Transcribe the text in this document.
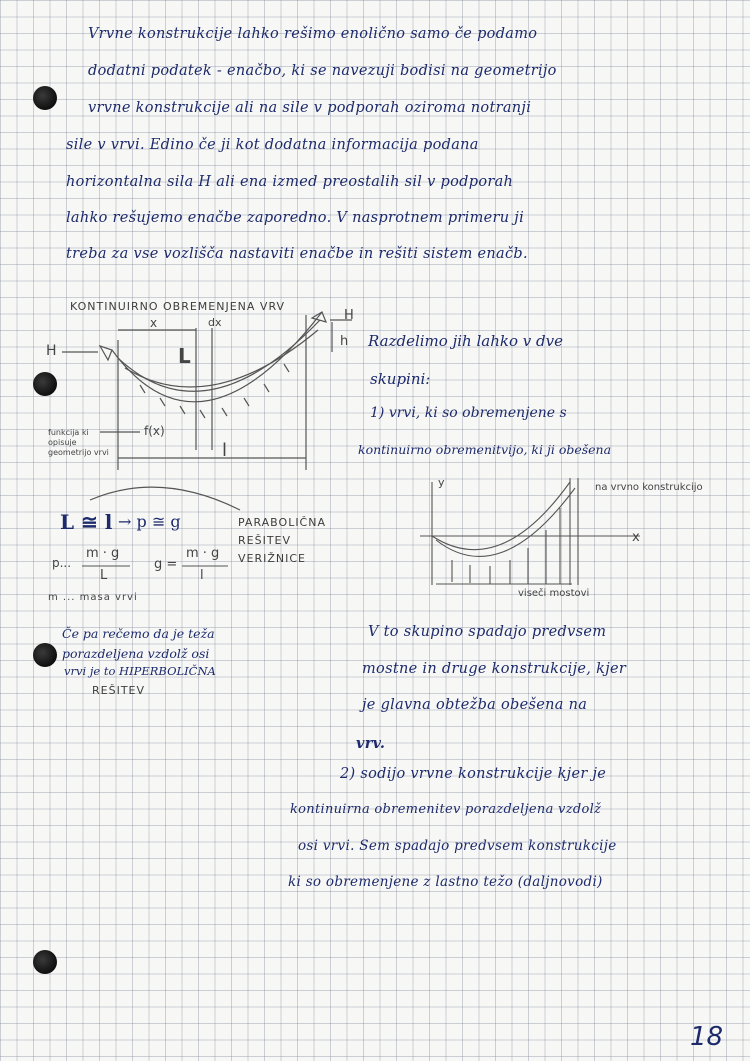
Vrvne konstrukcije lahko rešimo enolično samo če podamo
dodatni podatek - enačbo, ki se navezuji bodisi na geometrijo
vrvne konstrukcije ali na sile v podporah oziroma notranji
sile v vrvi. Edino če ji kot dodatna informacija podana
horizontalna sila H ali ena izmed preostalih sil v podporah
lahko rešujemo enačbe zaporedno. V nasprotnem primeru ji
treba za vse vozlišča nastaviti enačbe in rešiti sistem enačb.
KONTINUIRNO OBREMENJENA VRV
H
H
x	dx
L
f(x)
l
h
funkcija ki opisuje geometrijo vrvi
Razdelimo jih lahko v dve
skupini:
1) vrvi, ki so obremenjene s
kontinuirno obremenitvijo, ki ji obešena
y
x
na vrvno konstrukcijo
viseči mostovi
L ≅ l → p ≅ g	PARABOLIČNA REŠITEV VERIŽNICE
p...
m · g
L
g =
m · g
l
m ... masa vrvi
Če pa rečemo da je teža
porazdeljena vzdolž osi
vrvi je to HIPERBOLIČNA
REŠITEV
V to skupino spadajo predvsem
mostne in druge konstrukcije, kjer
je glavna obtežba obešena na
vrv.
2) sodijo vrvne konstrukcije kjer je
kontinuirna obremenitev porazdeljena vzdolž
osi vrvi. Sem spadajo predvsem konstrukcije
ki so obremenjene z lastno težo (daljnovodi)
18
